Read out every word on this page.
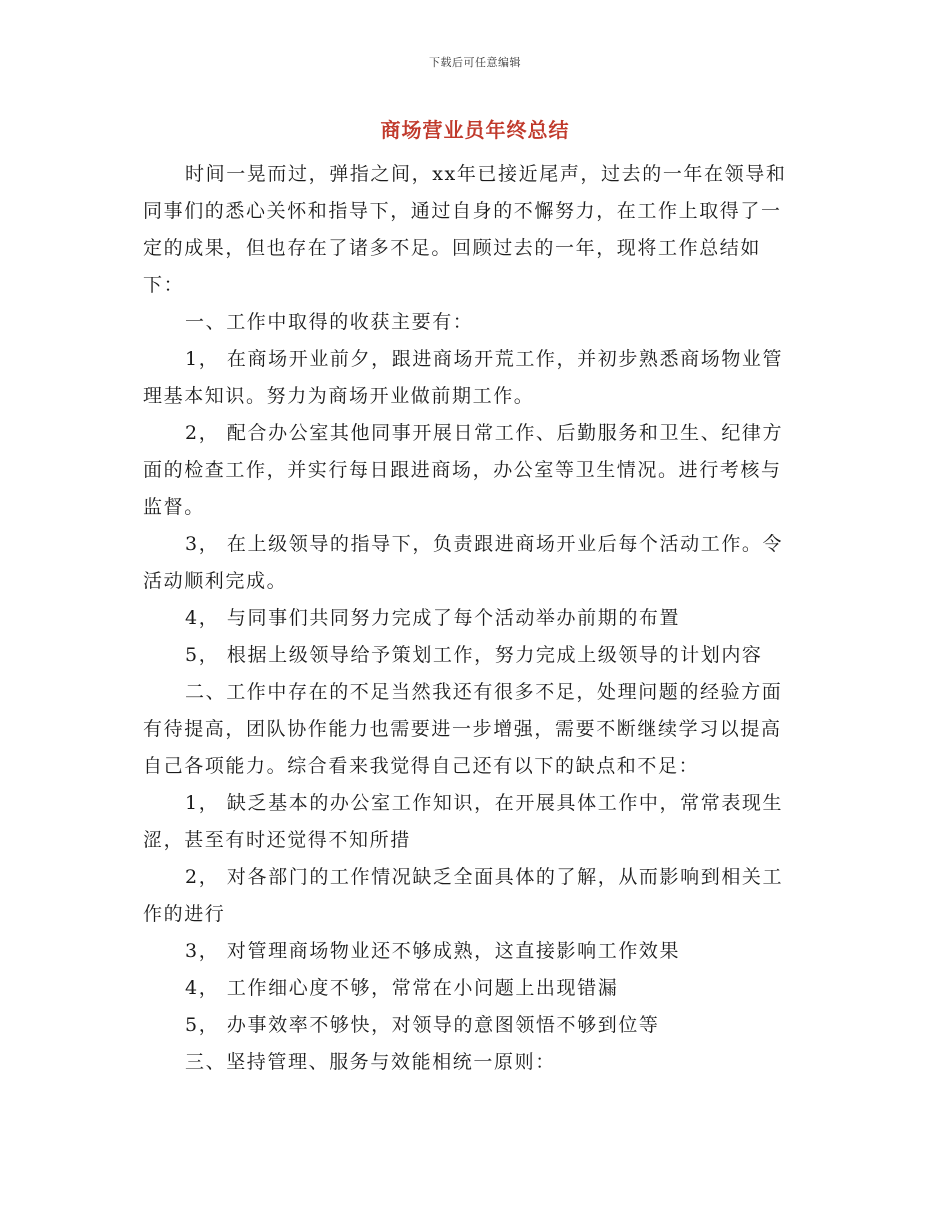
下载后可任意编辑
商场营业员年终总结

时间一晃而过，弹指之间，xx年已接近尾声，过去的一年在领导和同事们的悉心关怀和指导下，通过自身的不懈努力，在工作上取得了一定的成果，但也存在了诸多不足。回顾过去的一年，现将工作总结如下：

一、工作中取得的收获主要有：

1， 在商场开业前夕，跟进商场开荒工作，并初步熟悉商场物业管理基本知识。努力为商场开业做前期工作。

2， 配合办公室其他同事开展日常工作、后勤服务和卫生、纪律方面的检查工作，并实行每日跟进商场，办公室等卫生情况。进行考核与监督。

3， 在上级领导的指导下，负责跟进商场开业后每个活动工作。令活动顺利完成。

4， 与同事们共同努力完成了每个活动举办前期的布置

5， 根据上级领导给予策划工作，努力完成上级领导的计划内容

二、工作中存在的不足当然我还有很多不足，处理问题的经验方面有待提高，团队协作能力也需要进一步增强，需要不断继续学习以提高自己各项能力。综合看来我觉得自己还有以下的缺点和不足：

1， 缺乏基本的办公室工作知识，在开展具体工作中，常常表现生涩，甚至有时还觉得不知所措

2， 对各部门的工作情况缺乏全面具体的了解，从而影响到相关工作的进行

3， 对管理商场物业还不够成熟，这直接影响工作效果

4， 工作细心度不够，常常在小问题上出现错漏

5， 办事效率不够快，对领导的意图领悟不够到位等

三、坚持管理、服务与效能相统一原则：
